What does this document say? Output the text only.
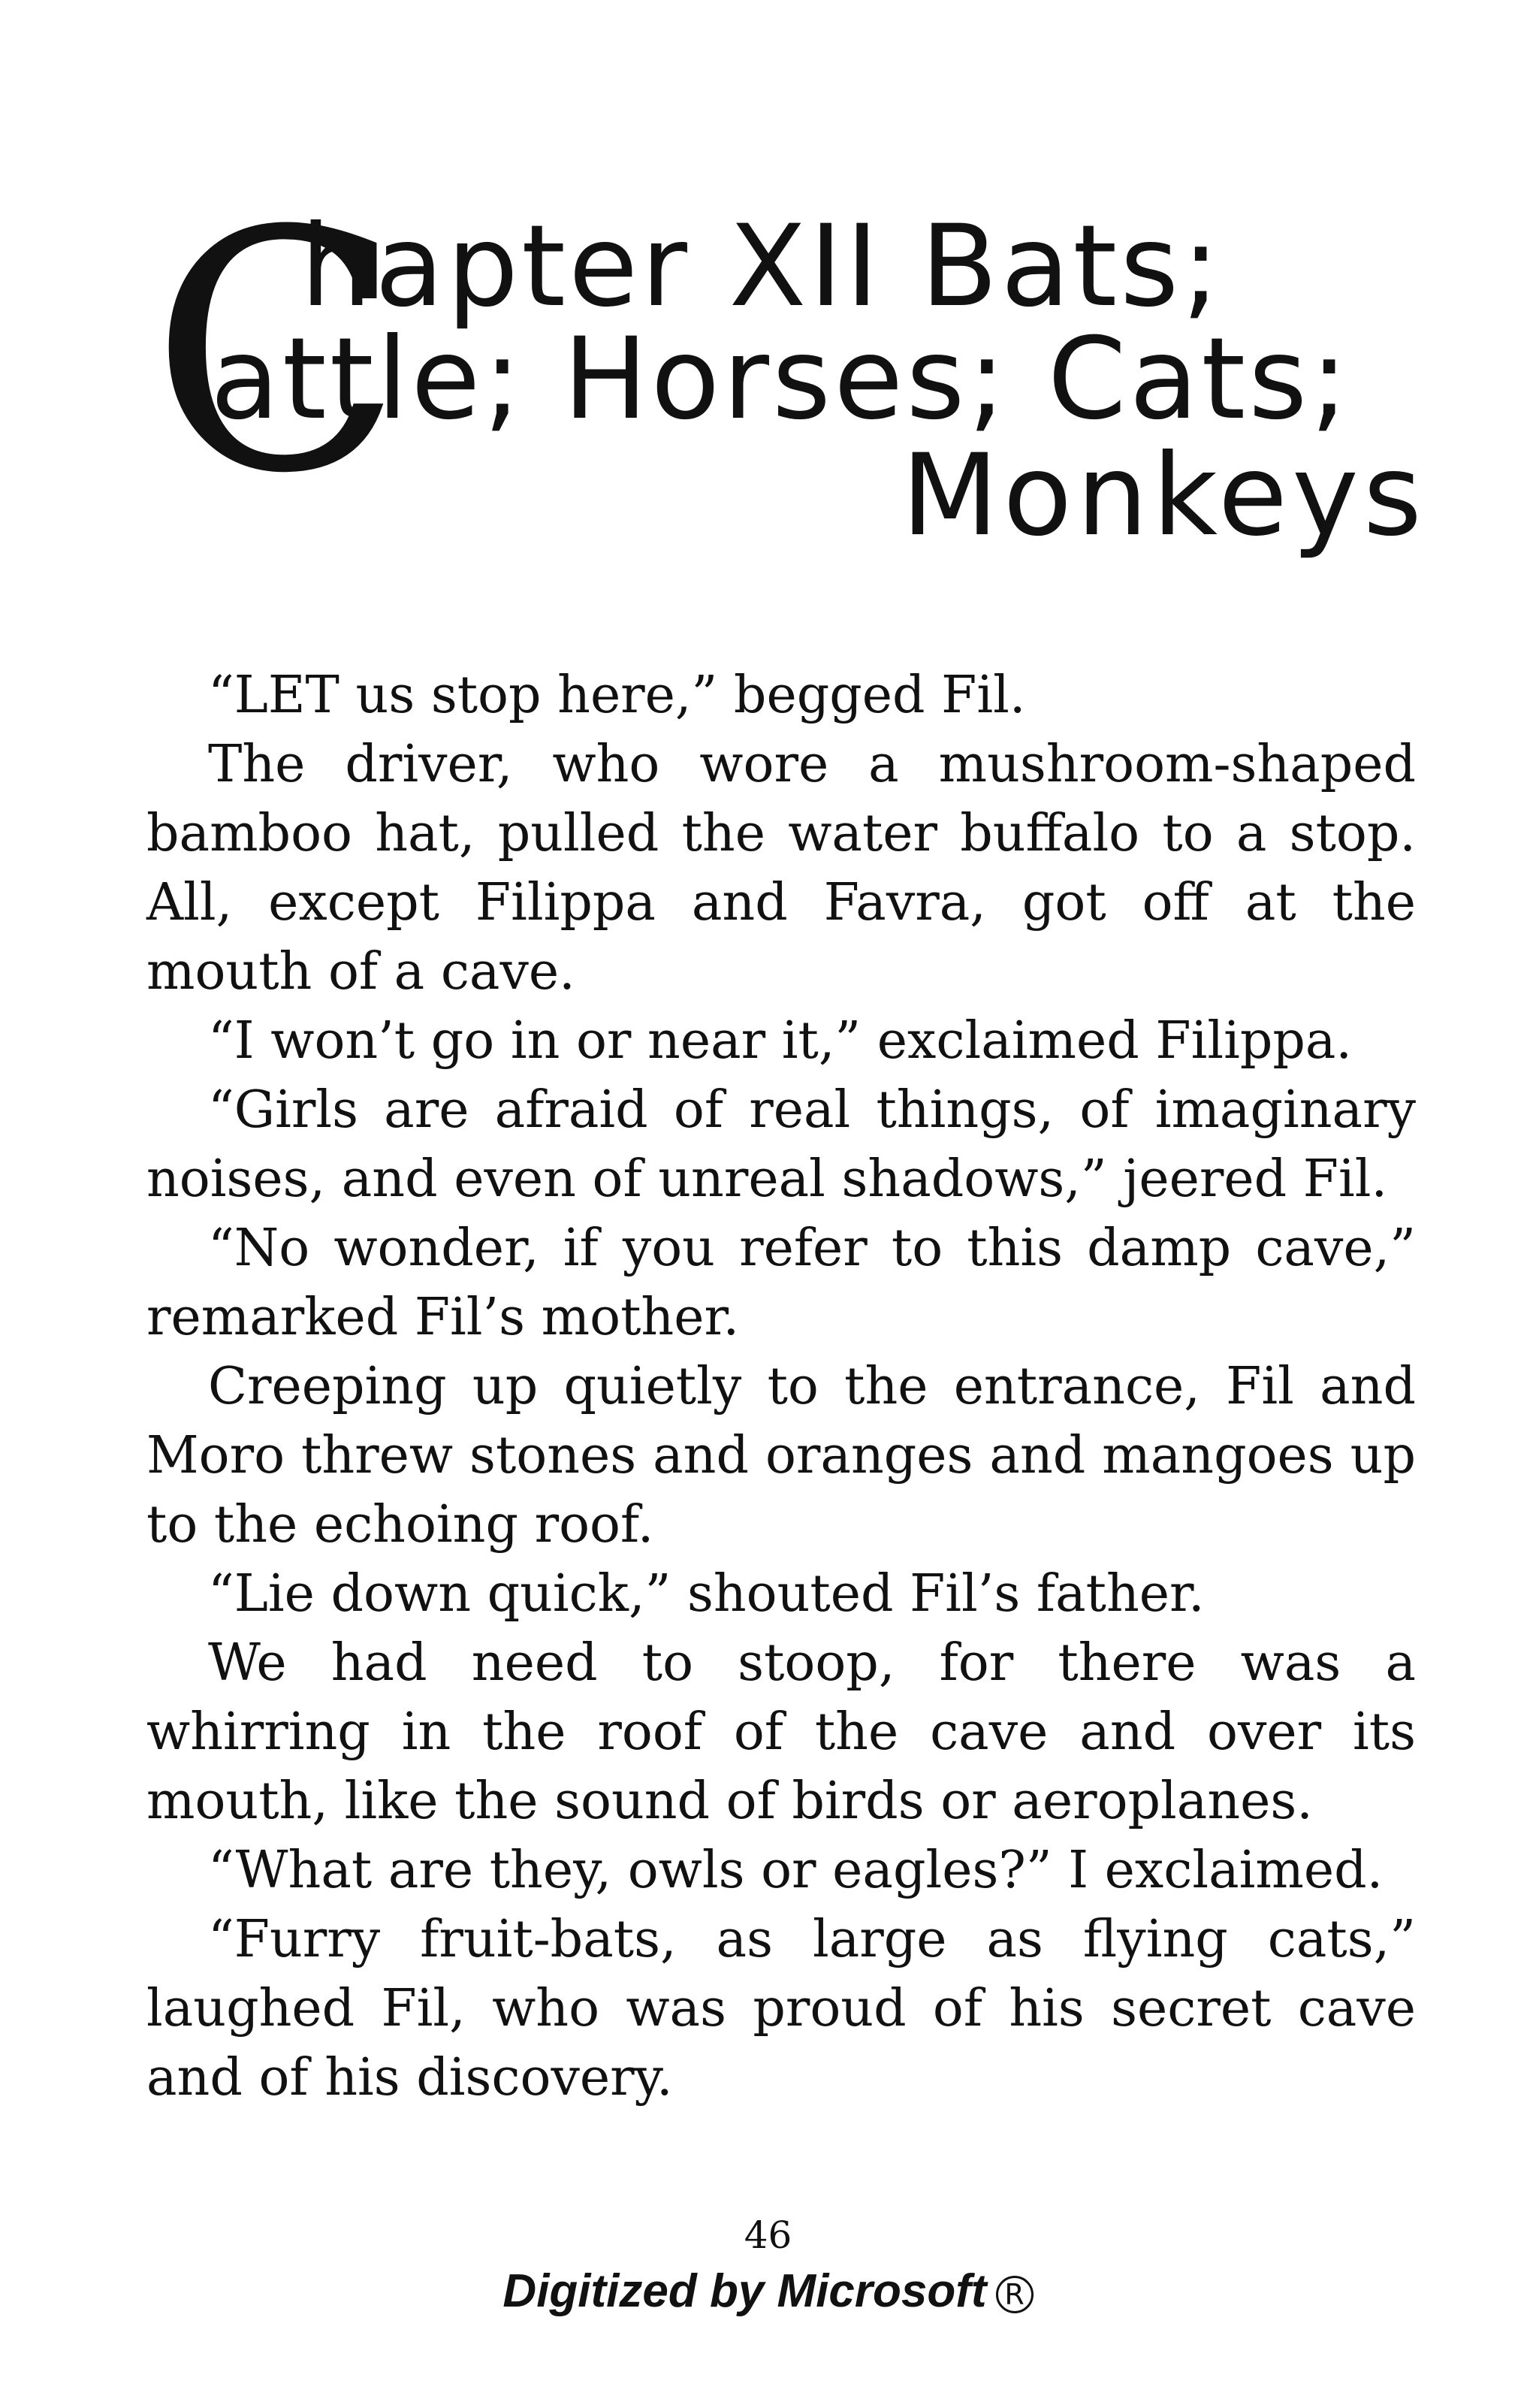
C
hapter XII Bats;
attle; Horses; Cats;
Monkeys

“LET us stop here,” begged Fil.

The driver, who wore a mushroom-shaped bamboo hat, pulled the water buffalo to a stop. All, except Filippa and Favra, got off at the mouth of a cave.

“I won’t go in or near it,” exclaimed Filippa.

“Girls are afraid of real things, of imaginary noises, and even of unreal shadows,” jeered Fil.

“No wonder, if you refer to this damp cave,” remarked Fil’s mother.

Creeping up quietly to the entrance, Fil and Moro threw stones and oranges and mangoes up to the echoing roof.

“Lie down quick,” shouted Fil’s father.

We had need to stoop, for there was a whirring in the roof of the cave and over its mouth, like the sound of birds or aeroplanes.

“What are they, owls or eagles?” I exclaimed.

“Furry fruit-bats, as large as flying cats,” laughed Fil, who was proud of his secret cave and of his discovery.

46
Digitized by Microsoft R
